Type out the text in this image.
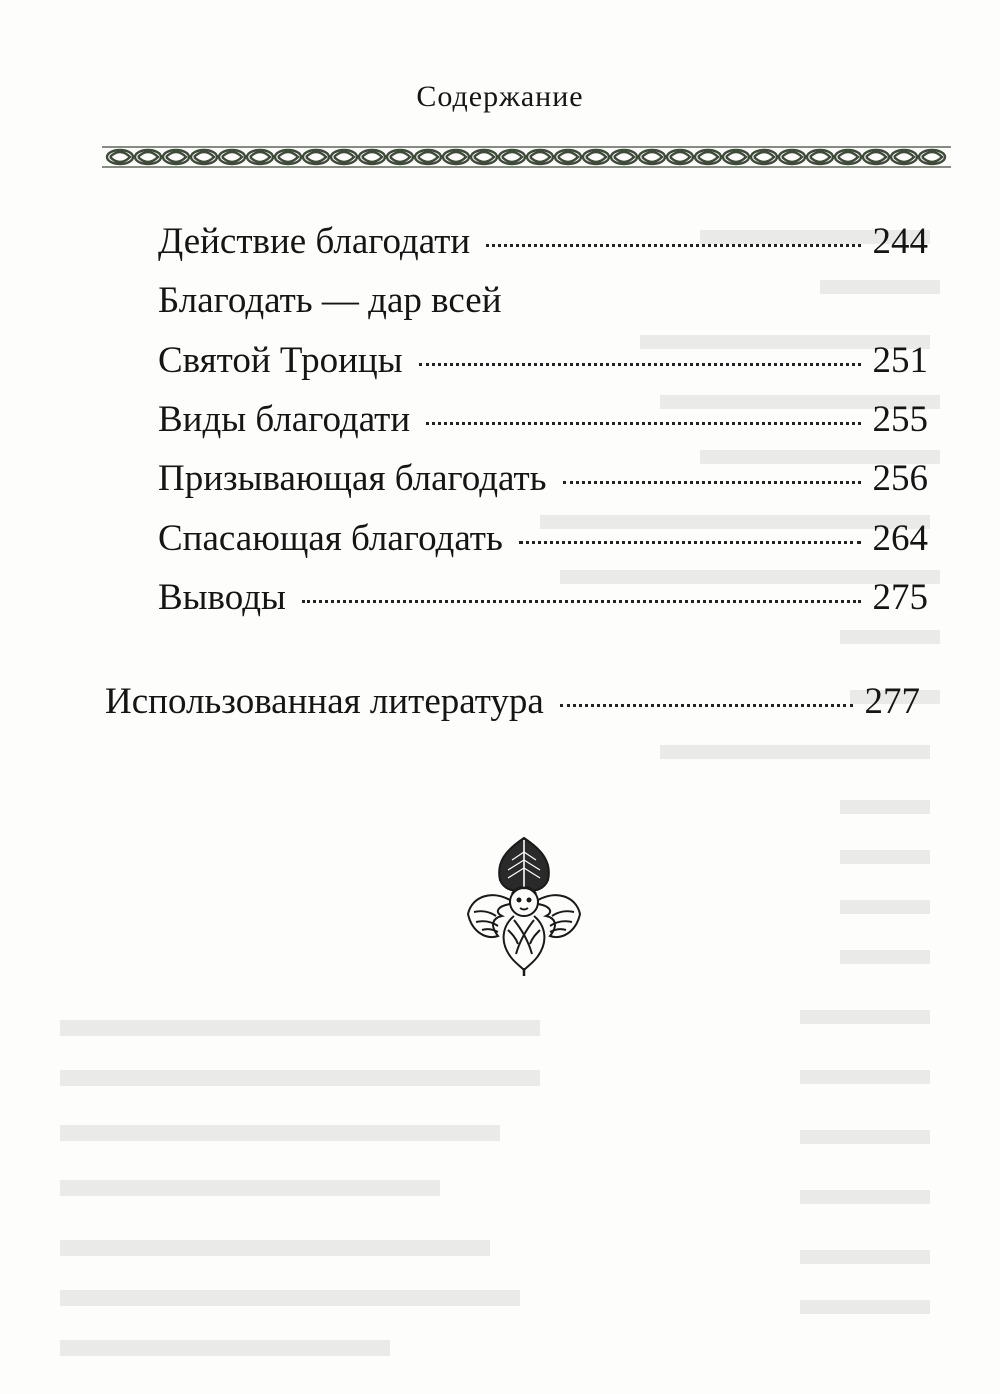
Содержание
Действие благодати	244
Благодать — дар всей
Святой Троицы	251
Виды благодати	255
Призывающая благодать	256
Спасающая благодать	264
Выводы	275
Использованная литература	277
